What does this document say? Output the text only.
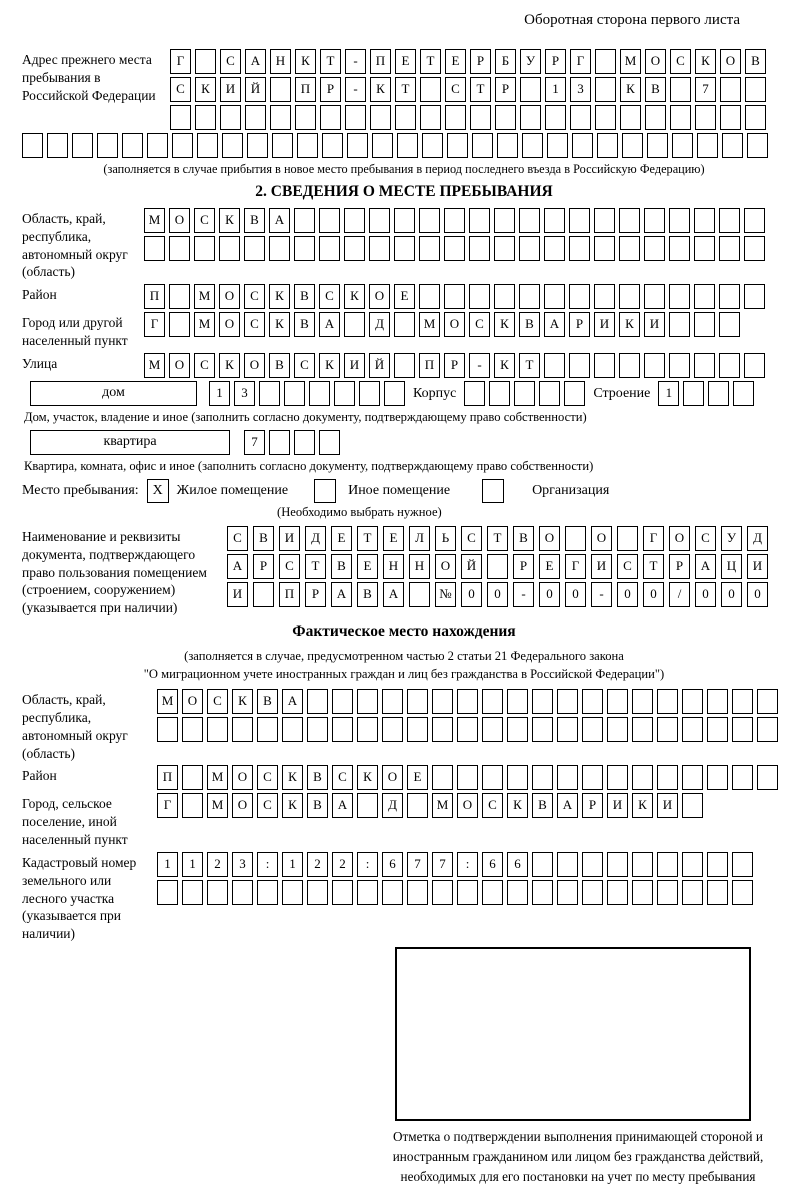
Оборотная сторона первого листа
Адрес прежнего места пребывания в Российской Федерации
Г	С	А	Н	К	Т	-	П	Е	Т	Е	Р	Б	У	Р	Г	М	О	С	К	О	В
С	К	И	Й	П	Р	-	К	Т	С	Т	Р	1	3	К	В	7
(заполняется в случае прибытия в новое место пребывания в период последнего въезда в Российскую Федерацию)
2. СВЕДЕНИЯ О МЕСТЕ ПРЕБЫВАНИЯ
Область, край, республика, автономный округ (область)
М	О	С	К	В	А
Район	П	М	О	С	К	В	С	К	О	Е
Город или другой населенный пункт
Г	М	О	С	К	В	А	Д	М	О	С	К	В	А	Р	И	К	И
Улица	М	О	С	К	О	В	С	К	И	Й	П	Р	-	К	Т
дом	1	3	Корпус	Строение	1
Дом, участок, владение и иное (заполнить согласно документу, подтверждающему право собственности)
квартира	7
Квартира, комната, офис и иное (заполнить согласно документу, подтверждающему право собственности)
Место пребывания: Х Жилое помещение	Иное помещение	Организация
(Необходимо выбрать нужное)
Наименование и реквизиты документа, подтверждающего право пользования помещением (строением, сооружением) (указывается при наличии)
С	В	И	Д	Е	Т	Е	Л	Ь	С	Т	В	О	О	Г	О	С	У	Д
А	Р	С	Т	В	Е	Н	Н	О	Й	Р	Е	Г	И	С	Т	Р	А	Ц	И
И	П	Р	А	В	А	№	0	0	-	0	0	-	0	0	/	0	0	0
Фактическое место нахождения
(заполняется в случае, предусмотренном частью 2 статьи 21 Федерального закона
"О миграционном учете иностранных граждан и лиц без гражданства в Российской Федерации")
Область, край, республика, автономный округ (область)
М	О	С	К	В	А
Район	П	М	О	С	К	В	С	К	О	Е
Город, сельское поселение, иной населенный пункт
Г	М	О	С	К	В	А	Д	М	О	С	К	В	А	Р	И	К	И
Кадастровый номер земельного или лесного участка (указывается при наличии)
1	1	2	3	:	1	2	2	:	6	7	7	:	6	6
Отметка о подтверждении выполнения принимающей стороной и иностранным гражданином или лицом без гражданства действий, необходимых для его постановки на учет по месту пребывания
